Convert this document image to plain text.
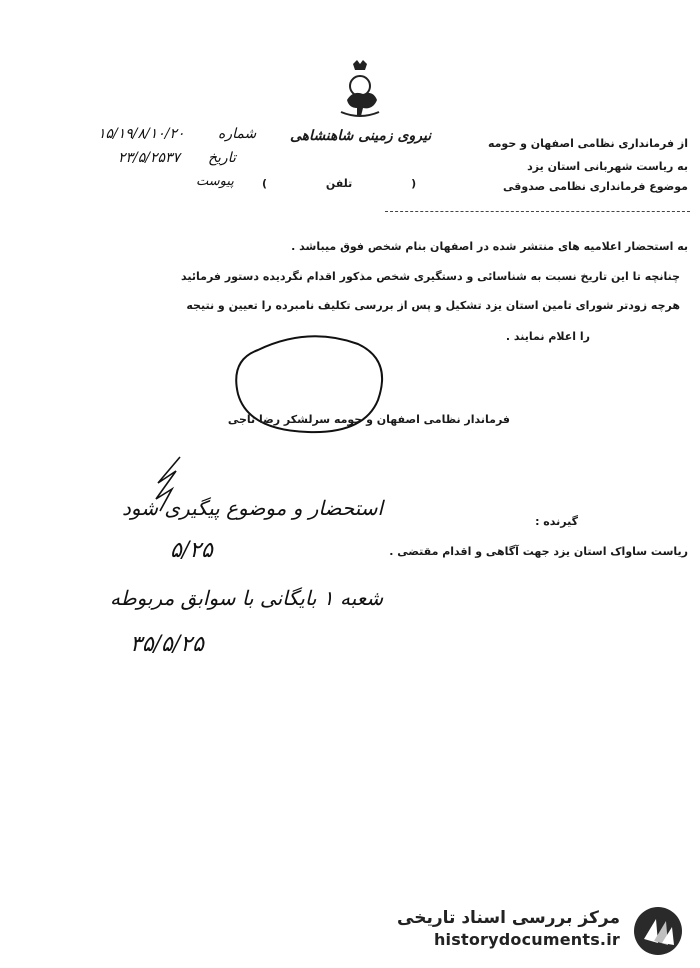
نیروی زمینی شاهنشاهی	از فرمانداری نظامی اصفهان و حومه
به ریاست شهربانی استان یزد
موضوع فرمانداری نظامی صدوقی
شماره
۱۵/۱۹/۸/۱۰/۲۰
تاریخ
۲۳/۵/۲۵۳۷
پیوست	( تلفن )
به استحضار اعلامیه های منتشر شده در اصفهان بنام شخص فوق میباشد .
چنانچه تا این تاریخ نسبت به شناسائی و دستگیری شخص مذکور اقدام نگردیده دستور فرمائید
هرچه زودتر شورای تامین استان یزد تشکیل و پس از بررسی تکلیف نامبرده را تعیین و نتیجه
را اعلام نمایند .
فرماندار نظامی اصفهان و حومه سرلشکر رضا ناجی
استحضار و موضوع پیگیری شود
۵/۲۵
شعبه ۱ بایگانی با سوابق مربوطه
۳۵/۵/۲۵
گیرنده :
ریاست ساواک استان یزد جهت آگاهی و اقدام مقتضی .
مرکز بررسی اسناد تاریخی
historydocuments.ir
